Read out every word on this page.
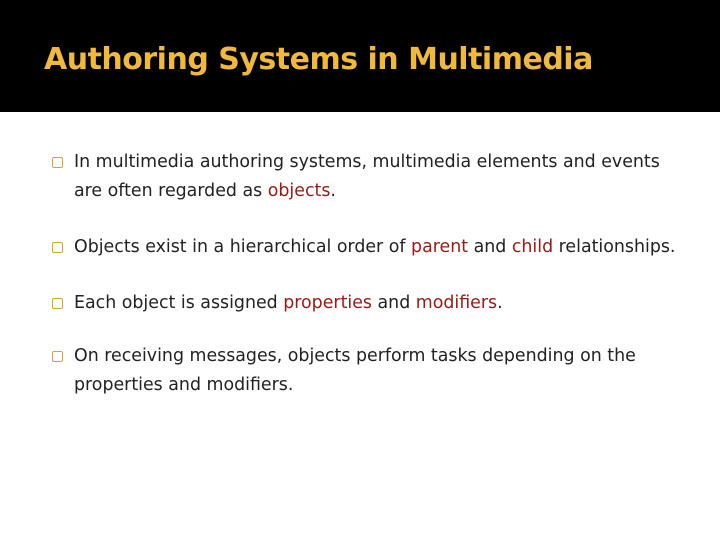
Authoring Systems in Multimedia
In multimedia authoring systems, multimedia elements and events are often regarded as objects.
Objects exist in a hierarchical order of parent and child relationships.
Each object is assigned properties and modifiers.
On receiving messages, objects perform tasks depending on the properties and modifiers.
